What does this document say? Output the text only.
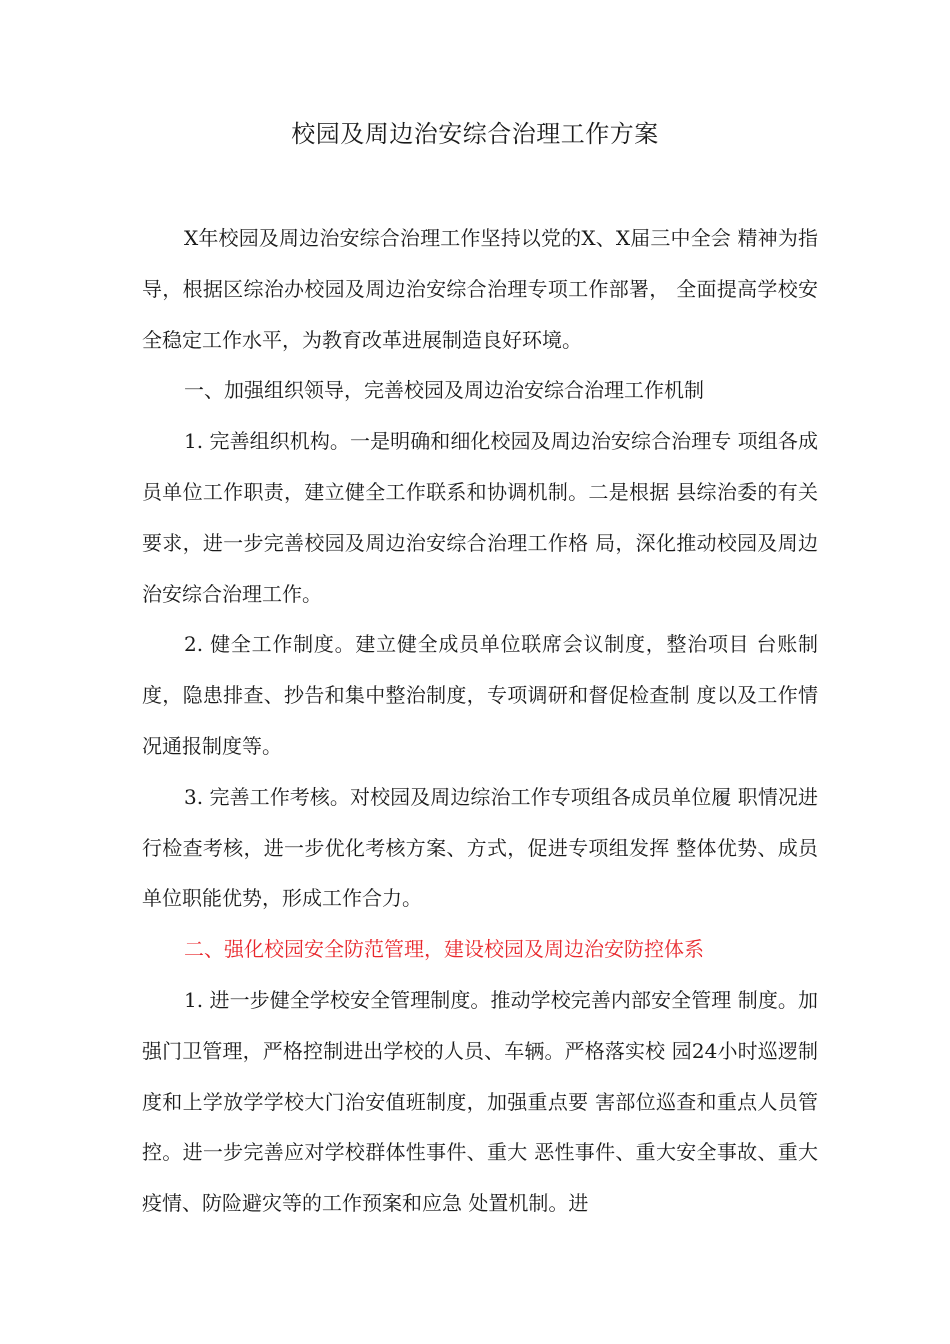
校园及周边治安综合治理工作方案

X年校园及周边治安综合治理工作坚持以党的X、X届三中全会 精神为指导，根据区综治办校园及周边治安综合治理专项工作部署， 全面提高学校安全稳定工作水平，为教育改革进展制造良好环境。

一、加强组织领导，完善校园及周边治安综合治理工作机制

1. 完善组织机构。一是明确和细化校园及周边治安综合治理专 项组各成员单位工作职责，建立健全工作联系和协调机制。二是根据 县综治委的有关要求，进一步完善校园及周边治安综合治理工作格 局，深化推动校园及周边治安综合治理工作。

2. 健全工作制度。建立健全成员单位联席会议制度，整治项目 台账制度，隐患排查、抄告和集中整治制度，专项调研和督促检查制 度以及工作情况通报制度等。

3. 完善工作考核。对校园及周边综治工作专项组各成员单位履 职情况进行检查考核，进一步优化考核方案、方式，促进专项组发挥 整体优势、成员单位职能优势，形成工作合力。

二、强化校园安全防范管理，建设校园及周边治安防控体系

1. 进一步健全学校安全管理制度。推动学校完善内部安全管理 制度。加强门卫管理，严格控制进出学校的人员、车辆。严格落实校 园24小时巡逻制度和上学放学学校大门治安值班制度，加强重点要 害部位巡查和重点人员管控。进一步完善应对学校群体性事件、重大 恶性事件、重大安全事故、重大疫情、防险避灾等的工作预案和应急 处置机制。进
